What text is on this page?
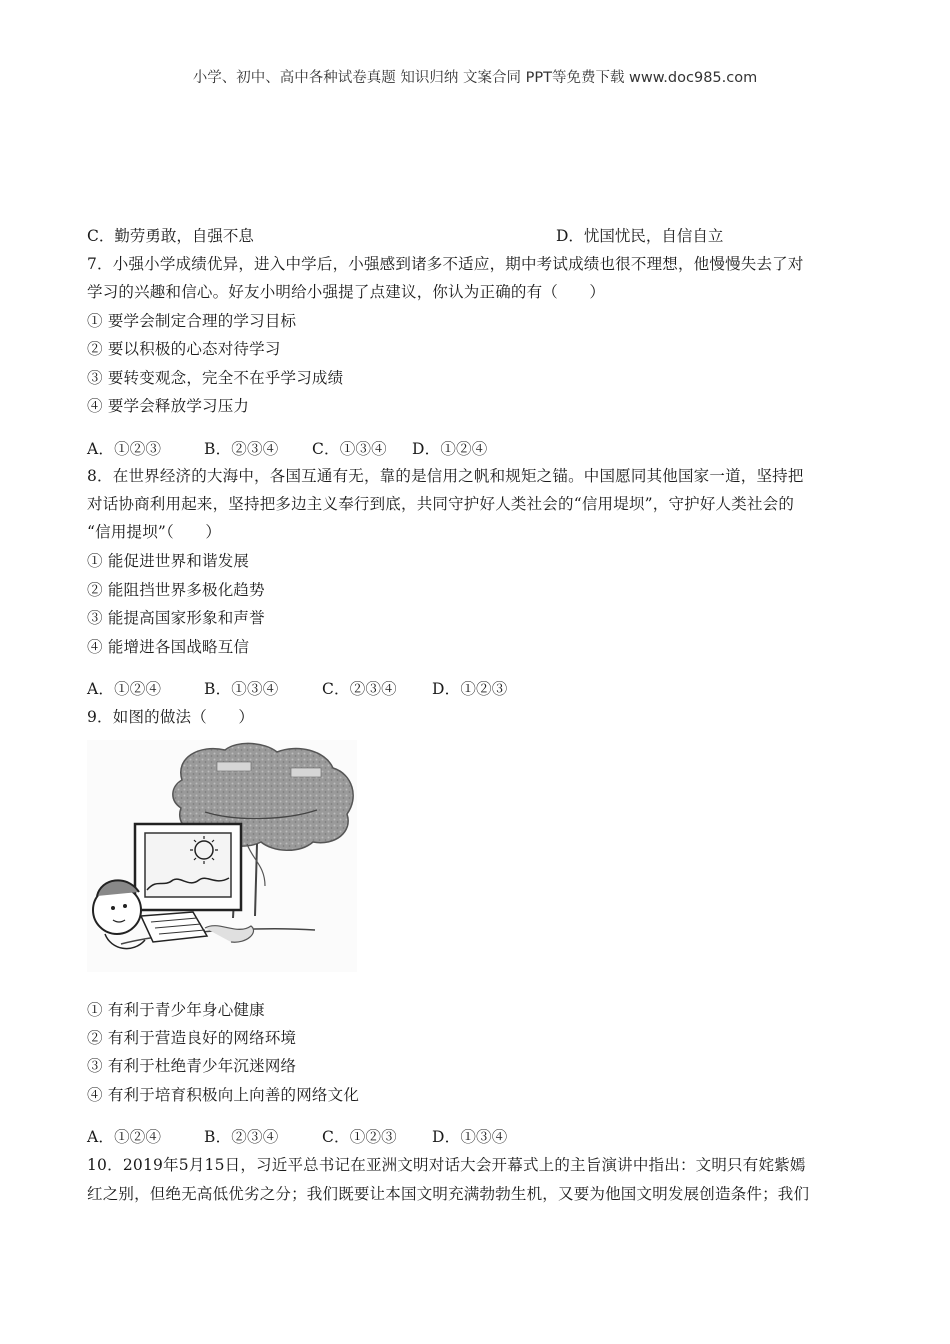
小学、初中、高中各种试卷真题 知识归纳 文案合同 PPT等免费下载 www.doc985.com
C．勤劳勇敢，自强不息	D．忧国忧民，自信自立
7．小强小学成绩优异，进入中学后，小强感到诸多不适应，期中考试成绩也很不理想，他慢慢失去了对
学习的兴趣和信心。好友小明给小强提了点建议，你认为正确的有（　　）
① 要学会制定合理的学习目标
② 要以积极的心态对待学习
③ 要转变观念，完全不在乎学习成绩
④ 要学会释放学习压力
A．①②③	B．②③④ C．①③④ D．①②④
8．在世界经济的大海中，各国互通有无，靠的是信用之帆和规矩之锚。中国愿同其他国家一道，坚持把
对话协商利用起来，坚持把多边主义奉行到底，共同守护好人类社会的“信用堤坝”，守护好人类社会的
“信用提坝”（　　）
① 能促进世界和谐发展
② 能阻挡世界多极化趋势
③ 能提高国家形象和声誉
④ 能增进各国战略互信
A．①②④	B．①③④	C．②③④ D．①②③
9．如图的做法（　　）
① 有利于青少年身心健康
② 有利于营造良好的网络环境
③ 有利于杜绝青少年沉迷网络
④ 有利于培育积极向上向善的网络文化
A．①②④	B．②③④	C．①②③ D．①③④
10．2019年5月15日，习近平总书记在亚洲文明对话大会开幕式上的主旨演讲中指出：文明只有姹紫嫣
红之别，但绝无高低优劣之分；我们既要让本国文明充满勃勃生机，又要为他国文明发展创造条件；我们
